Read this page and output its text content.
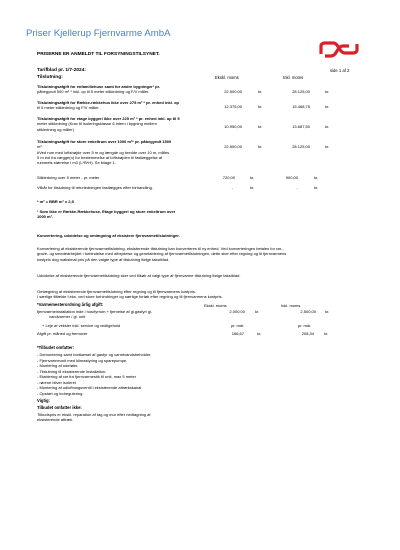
Priser Kjellerup Fjernvarme AmbA
PRISERNE ER ANMELDT TIL FORSYNINGSTILSYNET.
Tarifblad pr. 1/7-2024:	side 1 af 2
Tilslutning:	Ekskl. moms	Inkl. moms
Tilslutningsafgift for enfamiliehuse samt for andre bygninger¹ pr.
påbegyndt 500 m² * inkl. op til 5 meter stikledning og F/V måler.	22.500,00	kr.	28.125,00	kr.
Tilslutningsafgift for Række-rækkehus ikke over 275 m² * pr. enhed inkl. op
til 5 meter stikledning og F/V måler.	12.375,00	kr.	15.468,75	kr.
Tilslutningsafgift for etage byggeri ikke over 225 m² * pr. enhed inkl. op til 5
meter stikledning (Krav til isoleringsklasse 6 intern i bygning mellem
stikledning og måler)
10.950,00	kr.	13.687,50	kr.
Tilslutningsafgift for store enkeltrum over 1000 m²* pr. påbegyndt 1500
m².
#Ved rum med loftshøjde over 5 m og længde og bredde over 10 m, måles
5 m ind fra vægge(n) for bestemmelse af loftshøjden til fastlæggelse af
rummets størrelse i m3 (L*B*H). Se bilage 1.
22.500,00	kr.	28.125,00	kr.
Stikledning over 5 meter - pr. meter	720,00	kr.	900,00	kr.
Vilkår for tilslutning til returledningen fastlægges efter forhandling.	-	kr.	-	kr.
* m² = BBR m² x 2,5
¹ Som ikke er Række-Rækkehuse, Etage byggeri og store enkeltrum over
1000 m².
Konvertering, udvidelse og omlægning af eksistere fjernvarmetilslutninger.
Konvertering af eksisterende fjernvarmetilslutning, eksisterende tilslutning kan konverteres til ny enhed. Ved konverteringen betales for rør-,
grave- og smedearbejdet i forbindelse med afbrydelse og genetablering af fjernvarmetilslutningen, dette sker efter regning og til fjernvarmens
kostpris dog maksimal pris på den valgte type af tilslutning ifølge takstblad.
Udvidelse af eksisterende fjernvarmetilslutning sker ved tilkøb af valgt type af fjernvarme tilslutning ifølge takstblad.
Omlægning af eksisterende fjernvarmetilslutning efter regning og til fjernvarmens kostpris.
I særlige tilfælde f.eks. ved store forhindringer og særlige forløb efter regning og til fjernvarmens kostpris.
*Varmemesterordning årlig afgift:	Ekskl. moms	Inkl. moms
fjernvarmeinstallation inde i hus/fyrrum + fjernelse af gl.gasfyr/ gl.
vandvarmer / gl. unit
2.000,00	kr.	2.500,00 kr.
+ Leje af veksler inkl. service og vedligehold	pr. mdr.	pr. mdr.
Afgift pr. måned og fremover	166,67	kr.	208,34	kr.
*Tilbudet omfatter:
- Demontering samt bortkørsel af gasfyr og varmtvandsbeholder.
- Fjernvarmeunit med klimastyring og sparepumpe.
- Montering af udeføler.
- Tilslutning til eksisterende installation.
- Etablering af rør fra fjernvarmestik til unit, max 5 meter
- rørene bliver isoleret
- Montering af udluftningsventil i eksisterende aftrækskanal
- Opstart og indregulering.
Vigtig:
Tilbudet omfatter ikke:
Tilbudspris er ekskl. reparation af tag og mur efter nedtagning af
eksisterende aftræk.
